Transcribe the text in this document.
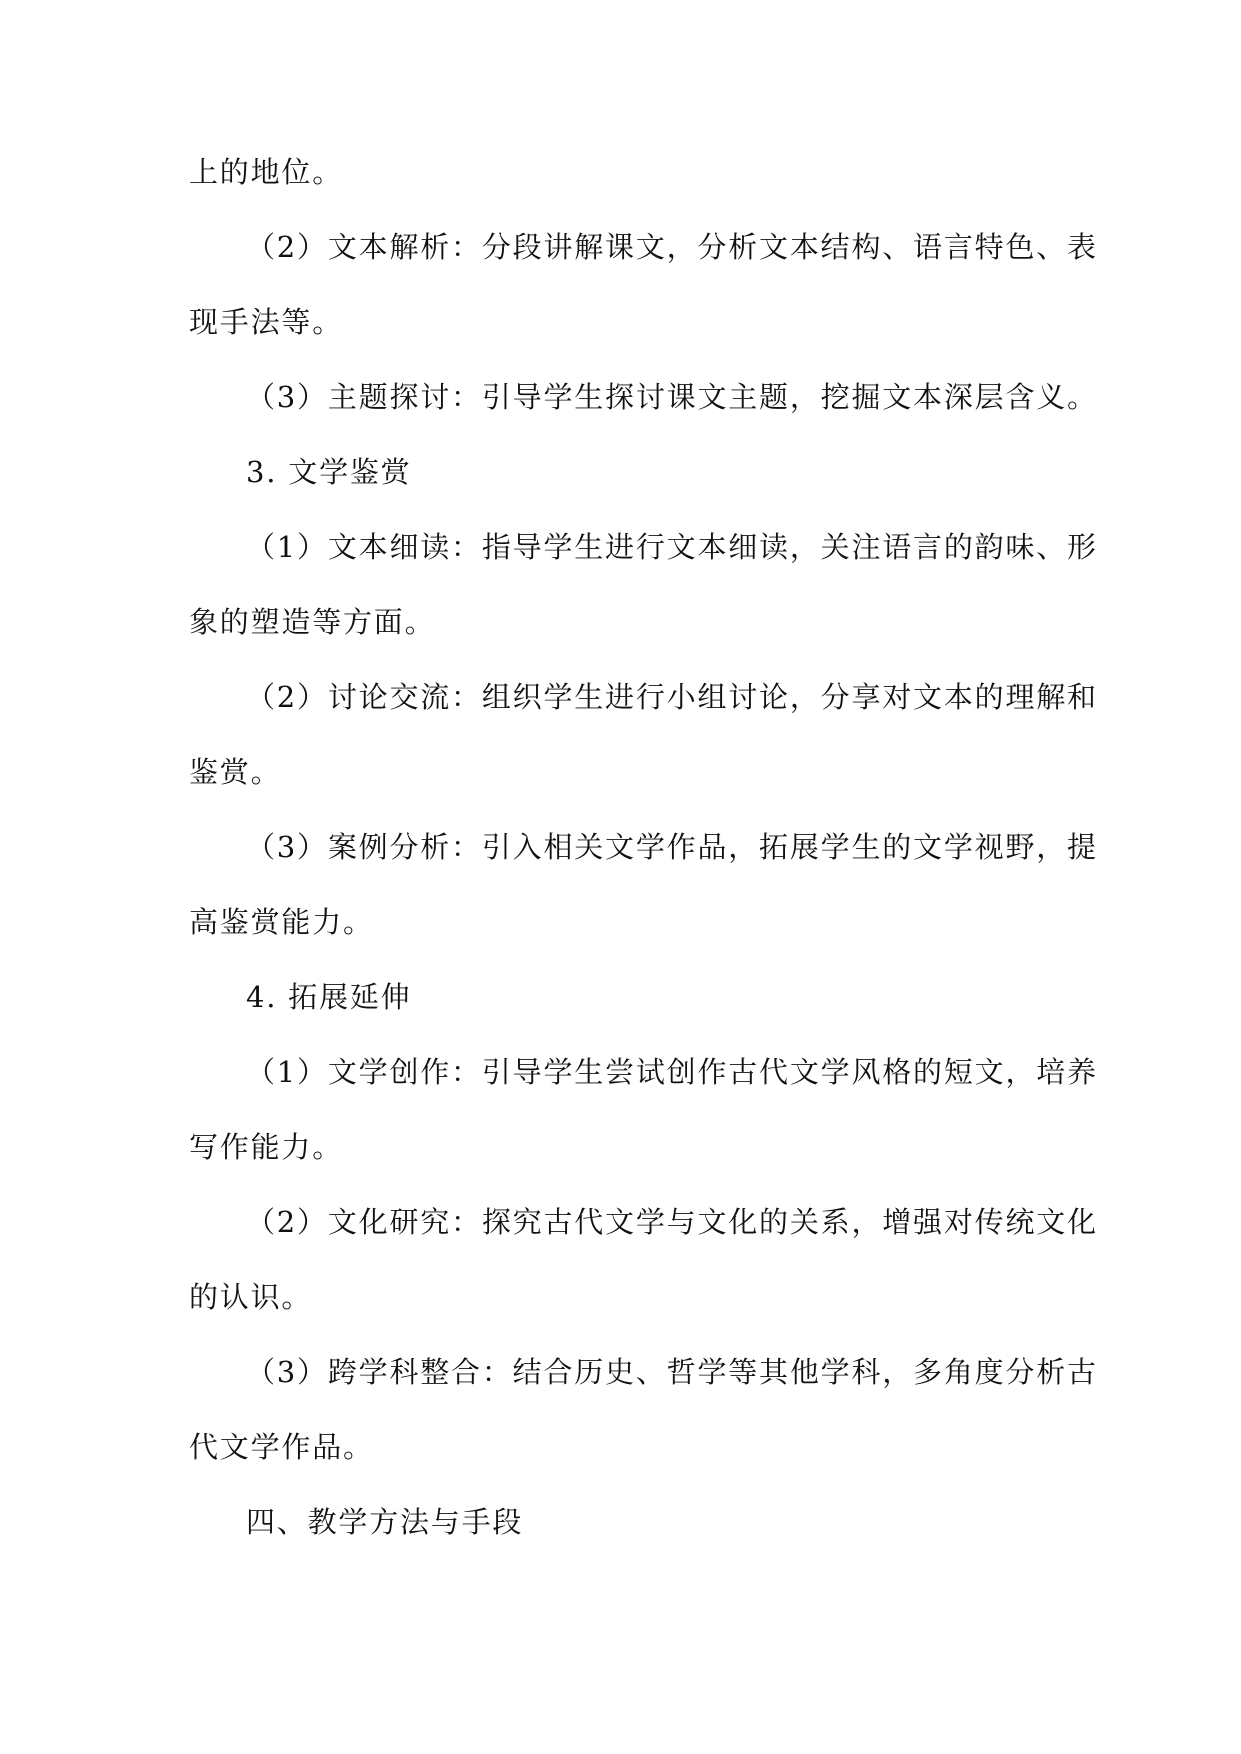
上的地位。
（2）文本解析：分段讲解课文，分析文本结构、语言特色、表
现手法等。
（3）主题探讨：引导学生探讨课文主题，挖掘文本深层含义。
3. 文学鉴赏
（1）文本细读：指导学生进行文本细读，关注语言的韵味、形
象的塑造等方面。
（2）讨论交流：组织学生进行小组讨论，分享对文本的理解和
鉴赏。
（3）案例分析：引入相关文学作品，拓展学生的文学视野，提
高鉴赏能力。
4. 拓展延伸
（1）文学创作：引导学生尝试创作古代文学风格的短文，培养
写作能力。
（2）文化研究：探究古代文学与文化的关系，增强对传统文化
的认识。
（3）跨学科整合：结合历史、哲学等其他学科，多角度分析古
代文学作品。
四、教学方法与手段
